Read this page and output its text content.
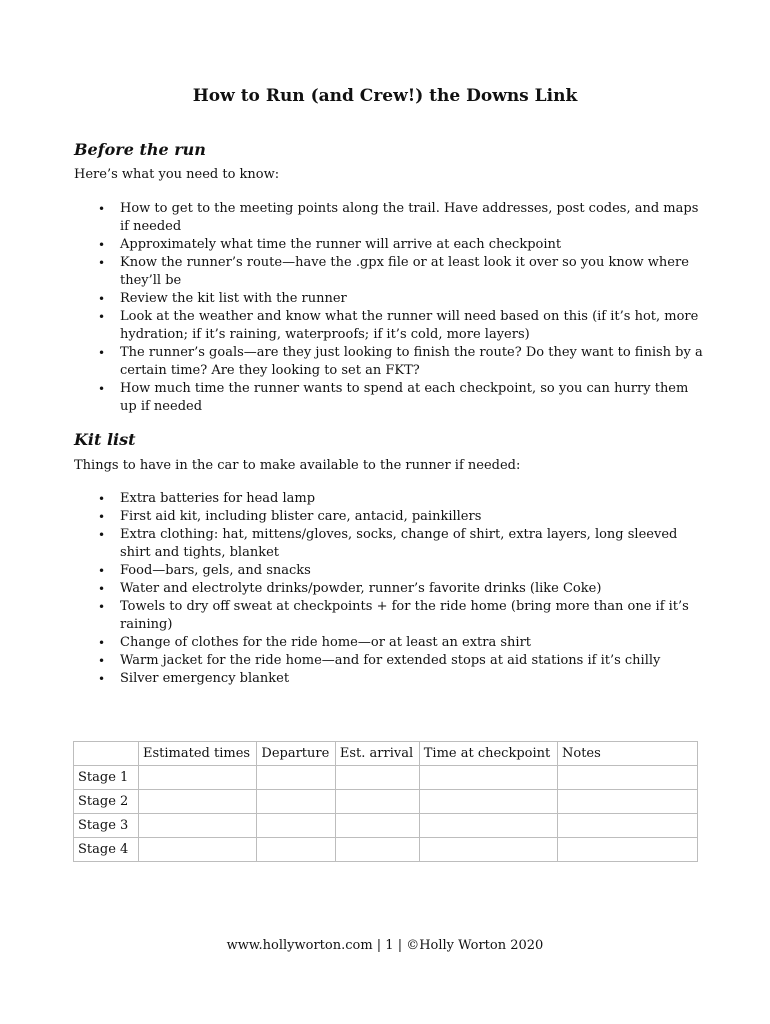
How to Run (and Crew!) the Downs Link
Before the run

Here’s what you need to know:

• How to get to the meeting points along the trail. Have addresses, post codes, and maps if needed
• Approximately what time the runner will arrive at each checkpoint
• Know the runner’s route—have the .gpx file or at least look it over so you know where they’ll be
• Review the kit list with the runner
• Look at the weather and know what the runner will need based on this (if it’s hot, more hydration; if it’s raining, waterproofs; if it’s cold, more layers)
• The runner’s goals—are they just looking to finish the route? Do they want to finish by a certain time? Are they looking to set an FKT?
• How much time the runner wants to spend at each checkpoint, so you can hurry them up if needed
Kit list

Things to have in the car to make available to the runner if needed:

• Extra batteries for head lamp
• First aid kit, including blister care, antacid, painkillers
• Extra clothing: hat, mittens/gloves, socks, change of shirt, extra layers, long sleeved shirt and tights, blanket
• Food—bars, gels, and snacks
• Water and electrolyte drinks/powder, runner’s favorite drinks (like Coke)
• Towels to dry off sweat at checkpoints + for the ride home (bring more than one if it’s raining)
• Change of clothes for the ride home—or at least an extra shirt
• Warm jacket for the ride home—and for extended stops at aid stations if it’s chilly
• Silver emergency blanket
	Estimated times	Departure	Est. arrival	Time at checkpoint	Notes
Stage 1					
Stage 2					
Stage 3					
Stage 4					
www.hollyworton.com | 1 | ©Holly Worton 2020
